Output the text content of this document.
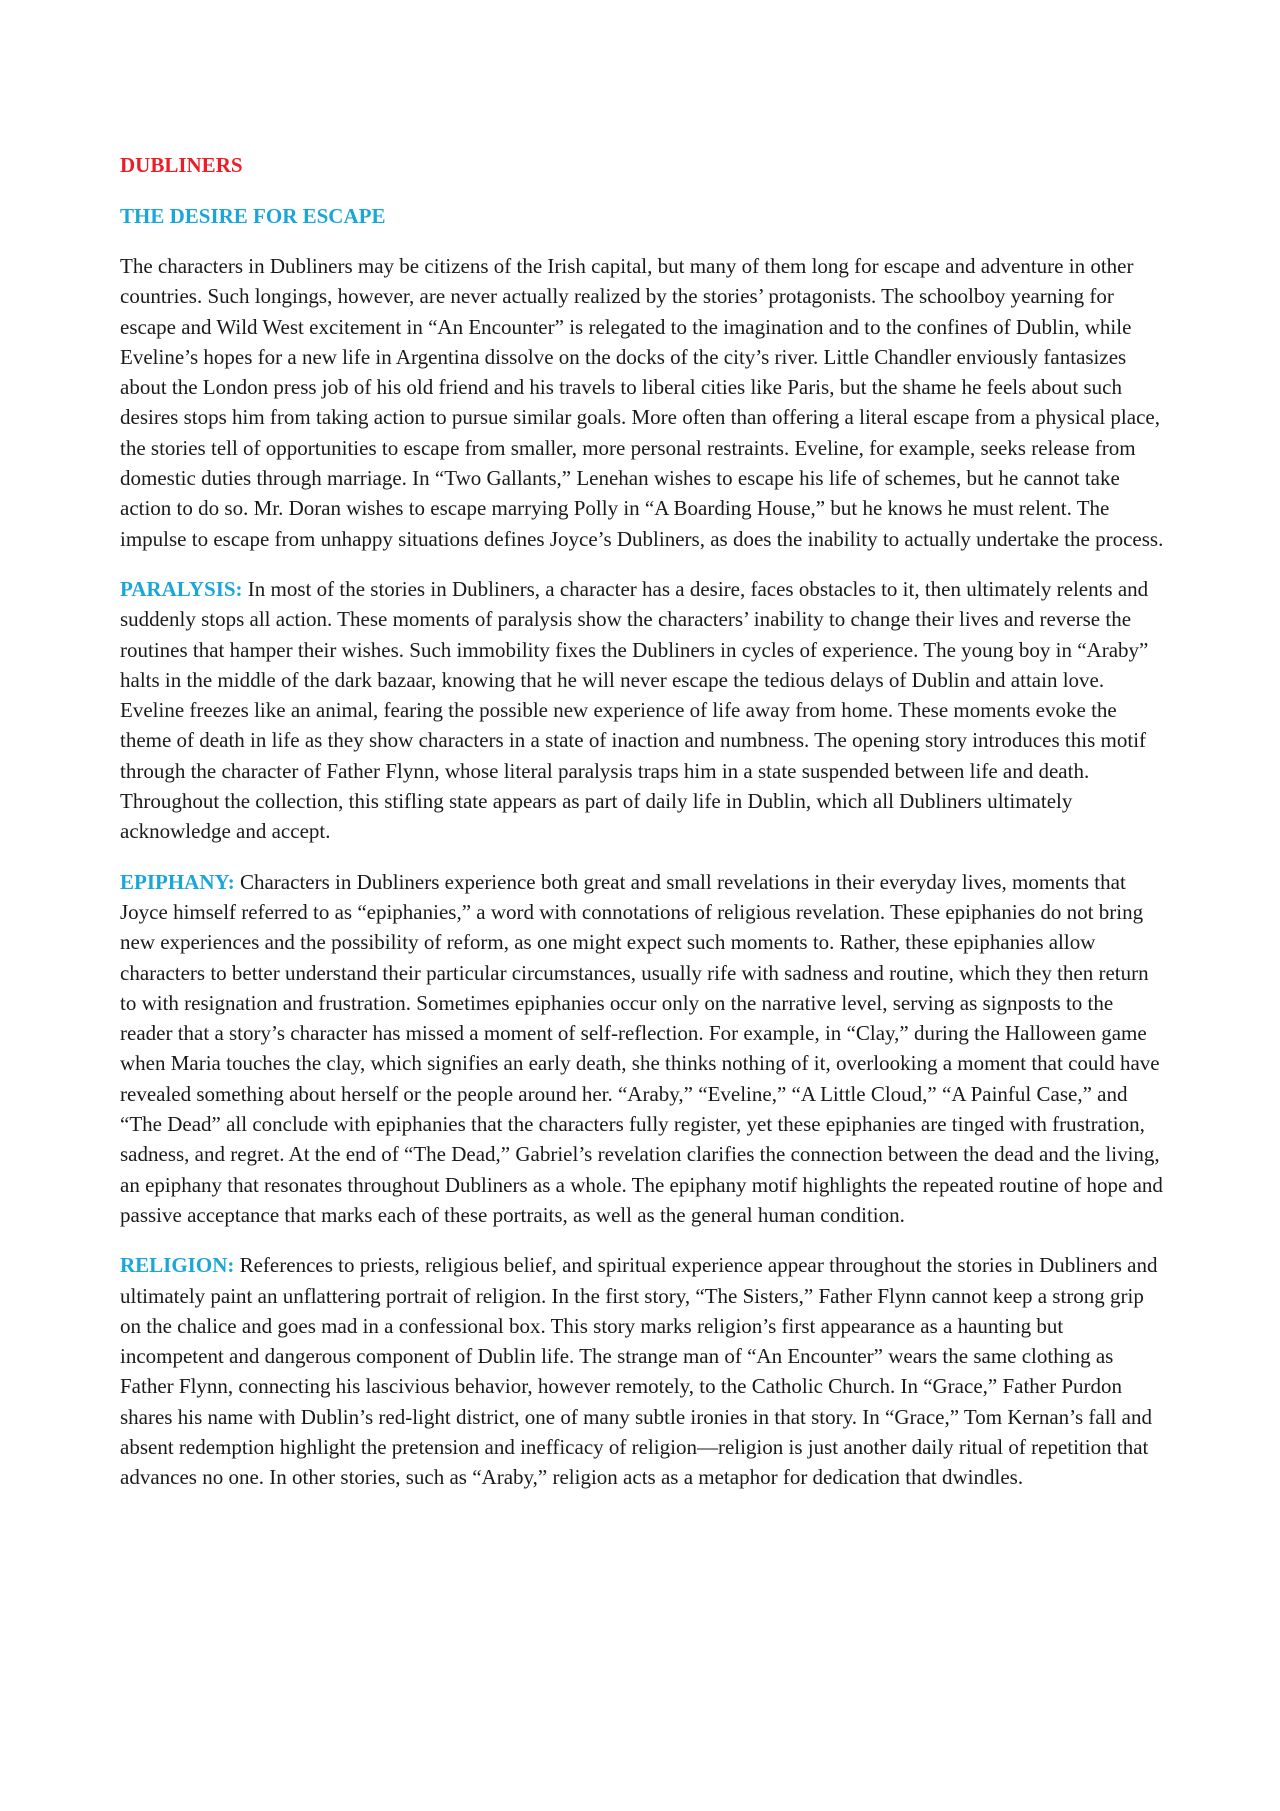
DUBLINERS
THE DESIRE FOR ESCAPE

The characters in Dubliners may be citizens of the Irish capital, but many of them long for escape and adventure in other countries. Such longings, however, are never actually realized by the stories’ protagonists. The schoolboy yearning for escape and Wild West excitement in “An Encounter” is relegated to the imagination and to the confines of Dublin, while Eveline’s hopes for a new life in Argentina dissolve on the docks of the city’s river. Little Chandler enviously fantasizes about the London press job of his old friend and his travels to liberal cities like Paris, but the shame he feels about such desires stops him from taking action to pursue similar goals. More often than offering a literal escape from a physical place, the stories tell of opportunities to escape from smaller, more personal restraints. Eveline, for example, seeks release from domestic duties through marriage. In “Two Gallants,” Lenehan wishes to escape his life of schemes, but he cannot take action to do so. Mr. Doran wishes to escape marrying Polly in “A Boarding House,” but he knows he must relent. The impulse to escape from unhappy situations defines Joyce’s Dubliners, as does the inability to actually undertake the process.

PARALYSIS: In most of the stories in Dubliners, a character has a desire, faces obstacles to it, then ultimately relents and suddenly stops all action. These moments of paralysis show the characters’ inability to change their lives and reverse the routines that hamper their wishes. Such immobility fixes the Dubliners in cycles of experience. The young boy in “Araby” halts in the middle of the dark bazaar, knowing that he will never escape the tedious delays of Dublin and attain love. Eveline freezes like an animal, fearing the possible new experience of life away from home. These moments evoke the theme of death in life as they show characters in a state of inaction and numbness. The opening story introduces this motif through the character of Father Flynn, whose literal paralysis traps him in a state suspended between life and death. Throughout the collection, this stifling state appears as part of daily life in Dublin, which all Dubliners ultimately acknowledge and accept.

EPIPHANY: Characters in Dubliners experience both great and small revelations in their everyday lives, moments that Joyce himself referred to as “epiphanies,” a word with connotations of religious revelation. These epiphanies do not bring new experiences and the possibility of reform, as one might expect such moments to. Rather, these epiphanies allow characters to better understand their particular circumstances, usually rife with sadness and routine, which they then return to with resignation and frustration. Sometimes epiphanies occur only on the narrative level, serving as signposts to the reader that a story’s character has missed a moment of self-reflection. For example, in “Clay,” during the Halloween game when Maria touches the clay, which signifies an early death, she thinks nothing of it, overlooking a moment that could have revealed something about herself or the people around her. “Araby,” “Eveline,” “A Little Cloud,” “A Painful Case,” and “The Dead” all conclude with epiphanies that the characters fully register, yet these epiphanies are tinged with frustration, sadness, and regret. At the end of “The Dead,” Gabriel’s revelation clarifies the connection between the dead and the living, an epiphany that resonates throughout Dubliners as a whole. The epiphany motif highlights the repeated routine of hope and passive acceptance that marks each of these portraits, as well as the general human condition.

RELIGION: References to priests, religious belief, and spiritual experience appear throughout the stories in Dubliners and ultimately paint an unflattering portrait of religion. In the first story, “The Sisters,” Father Flynn cannot keep a strong grip on the chalice and goes mad in a confessional box. This story marks religion’s first appearance as a haunting but incompetent and dangerous component of Dublin life. The strange man of “An Encounter” wears the same clothing as Father Flynn, connecting his lascivious behavior, however remotely, to the Catholic Church. In “Grace,” Father Purdon shares his name with Dublin’s red-light district, one of many subtle ironies in that story. In “Grace,” Tom Kernan’s fall and absent redemption highlight the pretension and inefficacy of religion—religion is just another daily ritual of repetition that advances no one. In other stories, such as “Araby,” religion acts as a metaphor for dedication that dwindles.
